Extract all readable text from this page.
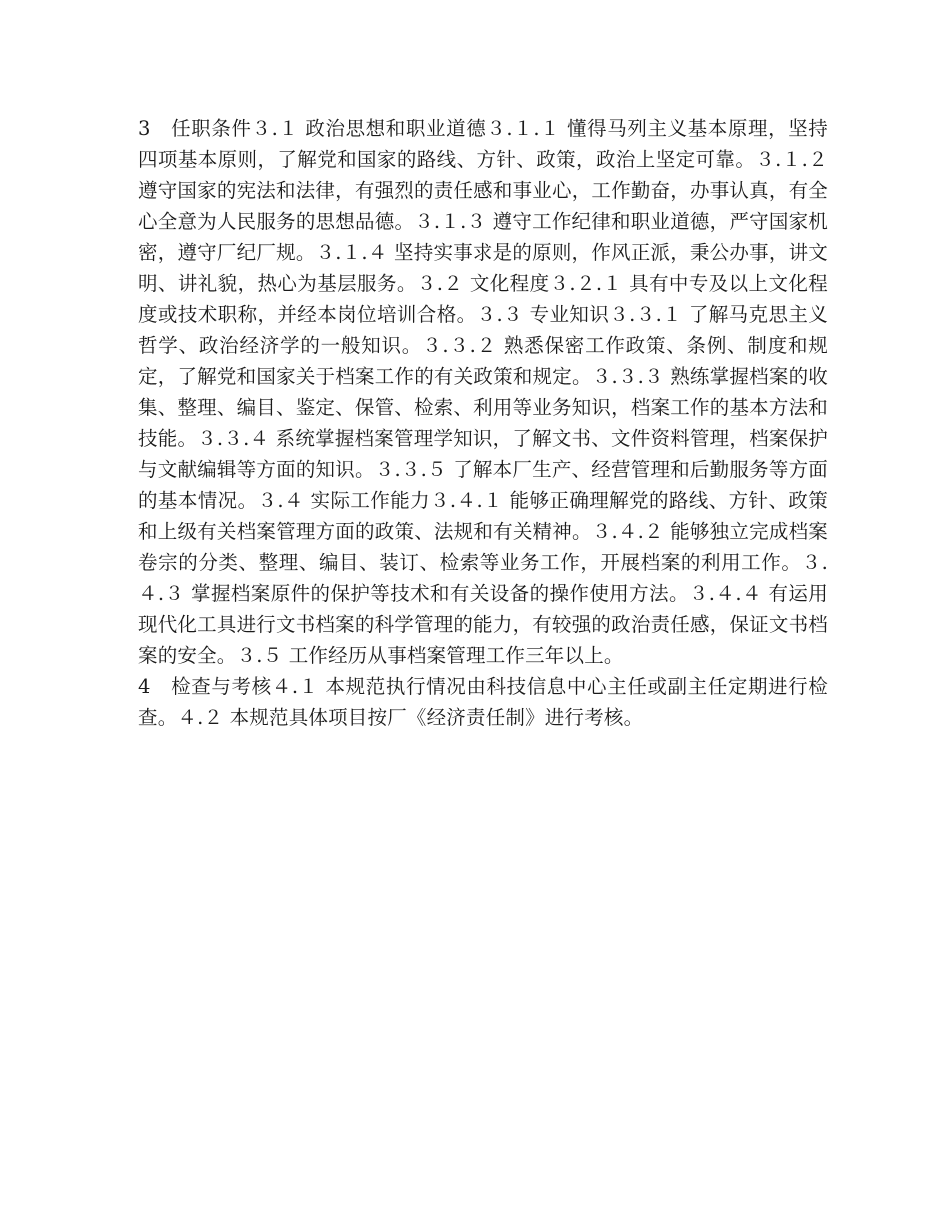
3　任职条件３.１ 政治思想和职业道德３.１.１ 懂得马列主义基本原理，坚持四项基本原则，了解党和国家的路线、方针、政策，政治上坚定可靠。３.１.２ 遵守国家的宪法和法律，有强烈的责任感和事业心，工作勤奋，办事认真，有全心全意为人民服务的思想品德。３.１.３ 遵守工作纪律和职业道德，严守国家机密，遵守厂纪厂规。３.１.４ 坚持实事求是的原则，作风正派，秉公办事，讲文明、讲礼貌，热心为基层服务。３.２ 文化程度３.２.１ 具有中专及以上文化程度或技术职称，并经本岗位培训合格。３.３ 专业知识３.３.１ 了解马克思主义哲学、政治经济学的一般知识。３.３.２ 熟悉保密工作政策、条例、制度和规定，了解党和国家关于档案工作的有关政策和规定。３.３.３ 熟练掌握档案的收集、整理、编目、鉴定、保管、检索、利用等业务知识，档案工作的基本方法和技能。３.３.４ 系统掌握档案管理学知识，了解文书、文件资料管理，档案保护与文献编辑等方面的知识。３.３.５ 了解本厂生产、经营管理和后勤服务等方面的基本情况。３.４ 实际工作能力３.４.１ 能够正确理解党的路线、方针、政策和上级有关档案管理方面的政策、法规和有关精神。３.４.２ 能够独立完成档案卷宗的分类、整理、编目、装订、检索等业务工作，开展档案的利用工作。３.４.３ 掌握档案原件的保护等技术和有关设备的操作使用方法。３.４.４ 有运用现代化工具进行文书档案的科学管理的能力，有较强的政治责任感，保证文书档案的安全。３.５ 工作经历从事档案管理工作三年以上。

4　检查与考核４.１ 本规范执行情况由科技信息中心主任或副主任定期进行检查。４.２ 本规范具体项目按厂《经济责任制》进行考核。
